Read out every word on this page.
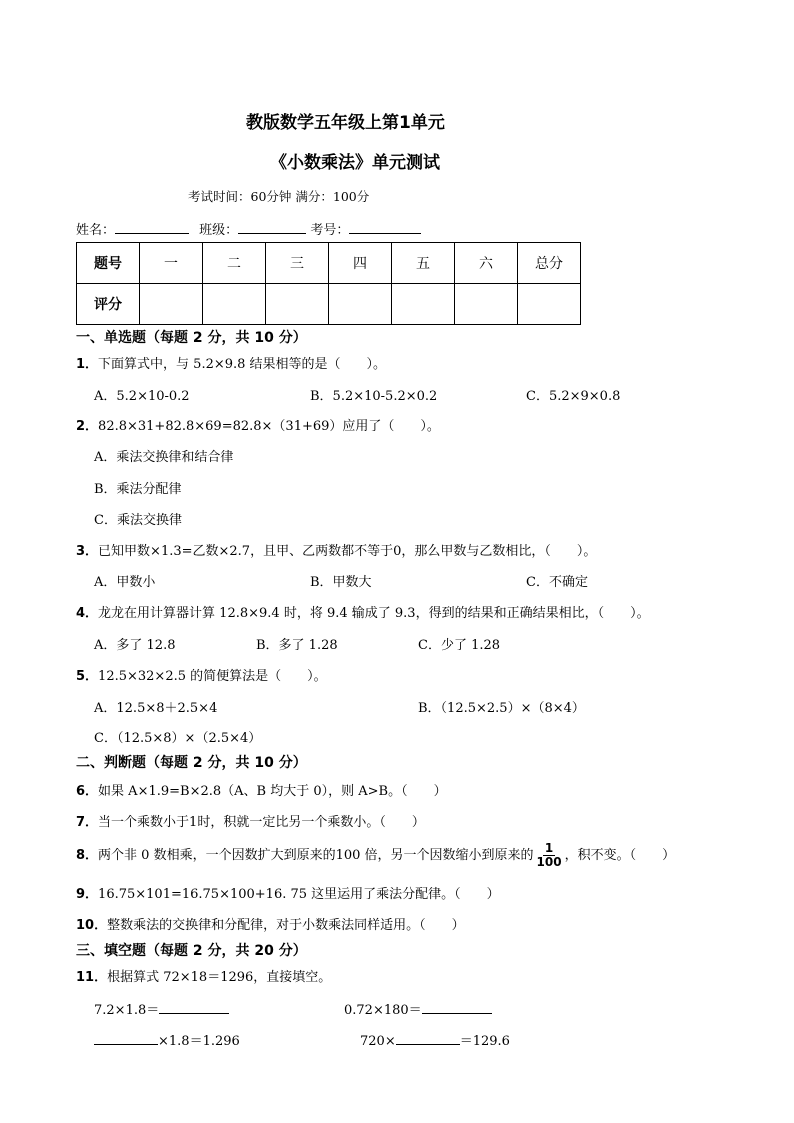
教版数学五年级上第1单元
《小数乘法》单元测试
考试时间：60分钟 满分：100分
姓名：	班级：	考号：
题号	一	二	三	四	五	六	总分
评分							
一、单选题（每题 2 分，共 10 分）
1．下面算式中，与 5.2×9.8 结果相等的是（　　）。
A．5.2×10-0.2	B．5.2×10-5.2×0.2	C．5.2×9×0.8
2．82.8×31+82.8×69=82.8×（31+69）应用了（　　）。
A．乘法交换律和结合律
B．乘法分配律
C．乘法交换律
3．已知甲数×1.3=乙数×2.7，且甲、乙两数都不等于0，那么甲数与乙数相比，（　　）。
A．甲数小	B．甲数大	C．不确定
4．龙龙在用计算器计算 12.8×9.4 时，将 9.4 输成了 9.3，得到的结果和正确结果相比，（　　）。
A．多了 12.8	B．多了 1.28	C．少了 1.28
5．12.5×32×2.5 的简便算法是（　　）。
A．12.5×8＋2.5×4	B．（12.5×2.5）×（8×4）
C．（12.5×8）×（2.5×4）
二、判断题（每题 2 分，共 10 分）
6．如果 A×1.9=B×2.8（A、B 均大于 0），则 A>B。（　　）
7．当一个乘数小于1时，积就一定比另一个乘数小。（　　）
8．两个非 0 数相乘，一个因数扩大到原来的100 倍，另一个因数缩小到原来的 $\frac{1}{100}$ ，积不变。（　　）
9．16.75×101=16.75×100+16. 75 这里运用了乘法分配律。（　　）
10．整数乘法的交换律和分配律，对于小数乘法同样适用。（　　）
三、填空题（每题 2 分，共 20 分）
11．根据算式 72×18＝1296，直接填空。
7.2×1.8＝	0.72×180＝
×1.8＝1.296	720×	＝129.6
